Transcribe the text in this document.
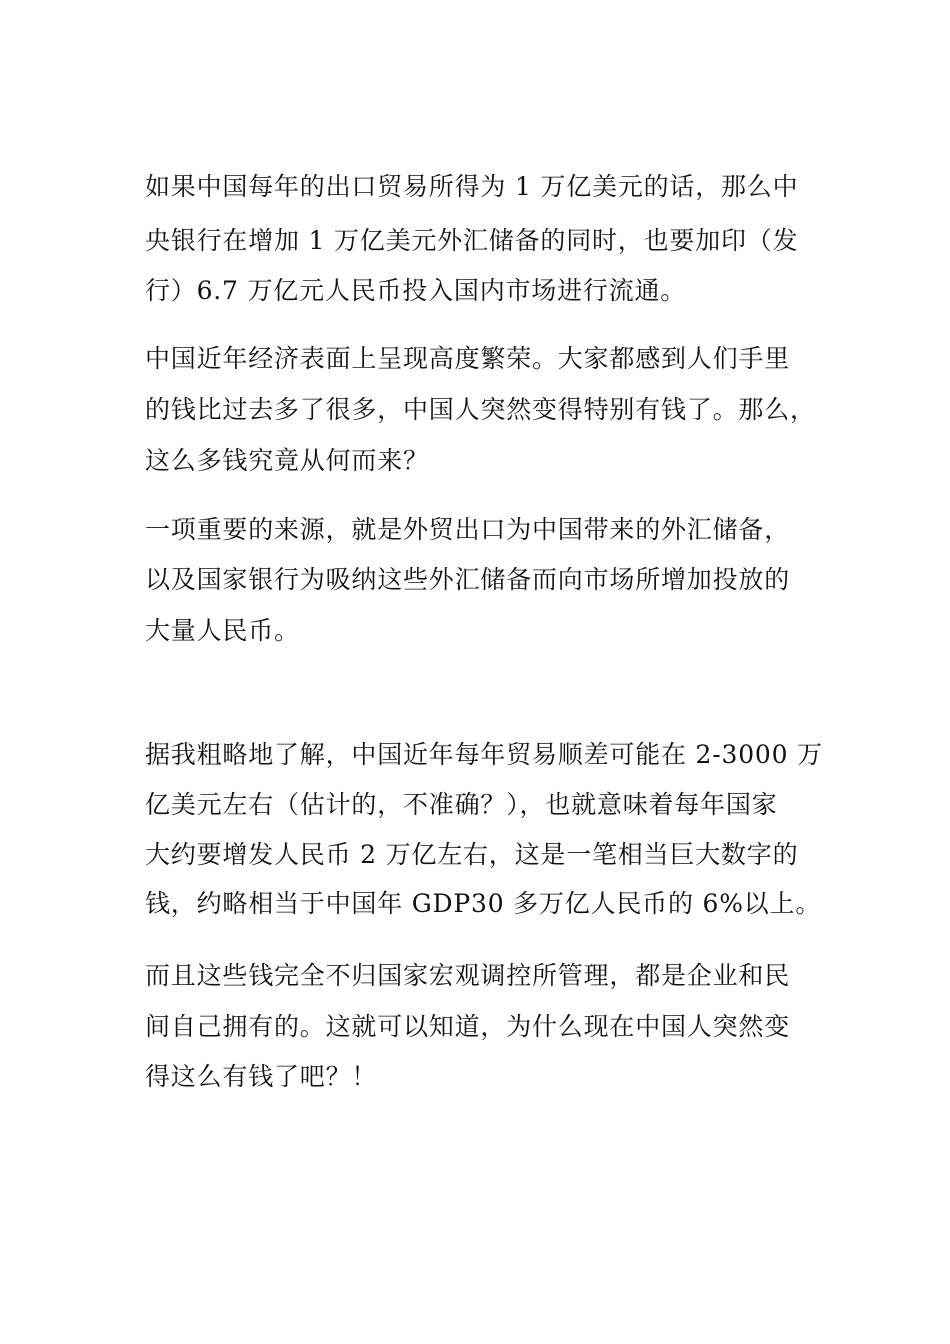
如果中国每年的出口贸易所得为 1 万亿美元的话，那么中

央银行在增加 1 万亿美元外汇储备的同时，也要加印（发

行）6.7 万亿元人民币投入国内市场进行流通。

中国近年经济表面上呈现高度繁荣。大家都感到人们手里

的钱比过去多了很多，中国人突然变得特别有钱了。那么，

这么多钱究竟从何而来？

一项重要的来源，就是外贸出口为中国带来的外汇储备，

以及国家银行为吸纳这些外汇储备而向市场所增加投放的

大量人民币。

据我粗略地了解，中国近年每年贸易顺差可能在 2-3000 万

亿美元左右（估计的，不准确？），也就意味着每年国家

大约要增发人民币 2 万亿左右，这是一笔相当巨大数字的

钱，约略相当于中国年 GDP30 多万亿人民币的 6%以上。

而且这些钱完全不归国家宏观调控所管理，都是企业和民

间自己拥有的。这就可以知道，为什么现在中国人突然变

得这么有钱了吧？！
